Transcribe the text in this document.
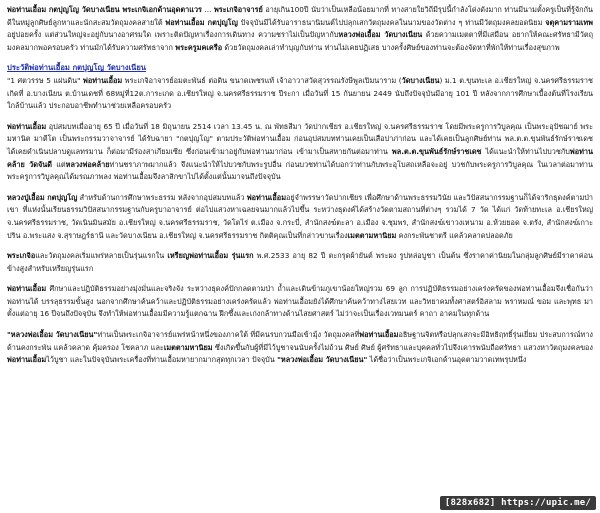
พ่อท่านเอื้อม กตปุญโญ วัดบางเนียน พระเกจิเอกด้านอุดตาแวร ... พระเกจิอาจารย์ อายุเกิน100ปี นับว่าเป็นเหลือน้อยมากที่ ทางสายใยวิถีมีรุปนี้กำลังโด่งดังมาก ท่านมีนามตั้งครูเป็นที่รู้จักกันดีในหมู่ลูกศิษย์ลูกหาและนักสะสมวัตถุมงคลสายใต้ พ่อท่านเอื้อม กตปุญโญ ปัจจุบันมีได้รับอาราธนานิมนต์ไปปลุกเสกวัตถุมงคลในนามของวัดต่าง ๆ ท่านมีวัตถุมงคลยอดนิยม จตุคามรามเทพ อยู่บ่อยครั้ง แต่ส่วนใหญ่จะอยู่กับนางอาศรมใด เพราะติดปัญหาเรื่องการเดินทาง ความชราไม่เป็นปัญหากับหลวงพ่อเอื้อม วัดบางเนียน ด้วยความเมตตาที่มีเสมือน อยากให้คณะศรัทธามีวัตถุมงคลมากพอครอบครัว ท่านมักได้รับความศรัทธาจาก พระครูมคเครือ ด้วยวัตถุมงคลเล่าทำบุญกับท่าน ท่านไม่เคยปฏิเสธ บางครั้งศิษย์ของท่านจะต้องจัดหาที่พักให้ท่านเรื่องสุขภาพ

ประวัติพ่อท่านเอื้อม กตปุญโญ วัดบางเนียน

"1 ศตวรรษ 5 แผ่นดิน" พ่อท่านเอื้อม พระเกจิอาจารย์อมตะพันธ์ ต่อดิน ขนาดเพชรแท้ เจ้าอาวาสวัดสุวรรณรังษีพูลเปิมนาราม (วัดบางเนียน) ม.1 ต.ขุนทะเล อ.เชียรใหญ่ จ.นครศรีธรรมราช เกิดที่ อ.บางเนียน ต.บ้านเดชที่ 68หมู่ที่12ต.การะเกด อ.เชียรใหญ่ จ.นครศรีธรรมราช ปีระกา เมื่อวันที่ 15 กันยายน 2449 นับถึงปัจจุบันมีอายุ 101 ปี หลังจากการศึกษาเบื้องต้นที่โรงเรียนใกล้บ้านแล้ว ประกอบอาชีพทำนาช่วยเหลือครอบครัว

พ่อท่านเอื้อม อุปสมบทเมื่ออายุ 65 ปี เมื่อวันที่ 18 มิถุนายน 2514 เวลา 13.45 น. ณ พัทธสีมา วัดปากเชียร อ.เชียรใหญ่ จ.นครศรีธรรมราช โดยมีพระครูการวิบูลคุณ เป็นพระอุปัชฌาย์ พระมหานิต มาตีโต เป็นพระกรรมวาจาจารย์ ได้รับฉายา "กตปุญโญ" ตามประวัติพ่อท่านเอื้อม ก่อนอุปสมบทท่านเคยเป็นเสือปาภ่าก่อน และได้เคยเป็นลูกศิษย์ท่าน พล.ต.ต.ขุนพันธ์รักษ์ราชเดช ได้เคยดำเนินปลาบดูแลทรมาน ก็ต่อมามีร่องสาเกียมเซีย ซึ่งก่อนเข้ามาอยู่กับพ่อท่านมาก่อน เข้ามาเป็นสหายกันต่อมาท่าน พล.ต.ต.ขุนพันธ์รักษ์ราชเดช ได้แนะนำให้ท่านไปบวชกับพ่อท่านคล้าย วัดจันดี แต่หลวงพ่อคล้ายท่านชราภาพมากแล้ว จึงแนะนำให้ไปบวชกับพระรูปอื่น ก่อนบวชท่านได้บอกว่าท่านกับพระอุโบสถเหลือจะอยู่ บวชกับพระครูการวิบูลคุณ ในเวลาต่อมาท่านพระครูการวิบูลคุณได้มรณภาพลง พ่อท่านเอื้อมจึงลาสิกขาไปได้ตั้งแต่นั้นมาจนถึงปัจจุบัน

หลวงปู่เอื้อม กตปุญโญ สำหรับด้านการศึกษาพระธรรม หลังจากอุปสมบทแล้ว พ่อท่านเอื้อมอยู่จำพรรษาวัดปากเชียร เพื่อศึกษาด้านพระธรรมวินัย และวิปัสสนากรรมฐานก็ได้จาริกธุดงค์ตามป่าเขา ที่แห่งนั้นเรียนธรรมวิปัสสนากรรมฐานกับครูบาอาจารย์ ต่อไปแสวงหาเฉลยจนมากแล้วไปขึ้น ระหว่างธุดงค์ได้สร้างวัดตามสถานที่ต่างๆ รวมได้ 7 วัด ได้แก่ วัดท้ายทะเล อ.เชียรใหญ่ จ.นครศรีธรรมราช, วัดเนินมินสมัย อ.เชียรใหญ่ จ.นครศรีธรรมราช, วัดโตไร่ ต.เมือง จ.กระบี่, สำนักสงฆ์ตะลา อ.เมือง จ.ชุมพร, สำนักสงฆ์เขาวงเหนาม อ.ห้วยยอด จ.ตรัง, สำนักสงฆ์เกาะปริน อ.พระแสง จ.สุราษฎร์ธานี และวัดบางเนียน อ.เชียรใหญ่ จ.นครศรีธรรมราช กิตติคุณเป็นที่กล่าวขานเรื่องเมตตามหานิยม คงกระพันชาตรี แคล้วคลาดปลอดภัย

พระเกจิอและวัตถุมงคลเริ่มแพร่หลายเป็นรุ่นแรกใน เหรียญพ่อท่านเอื้อม รุ่นแรก พ.ศ.2533 อายุ 82 ปี ตะกรุดผ้ายันต์ พระผง รูปหล่อบูชา เป็นต้น ซึ่งราคาค่านิยมในกลุ่มลูกศิษย์มีราคาค่อนข้างสูงสำหรับเหรียญรุ่นแรก

พ่อท่านเอื้อม ศึกษาและปฏิบัติธรรมอย่างมุ่งมั่นและจริงจัง ระหว่างธุดงค์ปักกลดตามป่า ถ้ำและเดินข้ามภูเขาน้อยใหญ่รวม 69 ลูก การปฏิบัติธรรมอย่างเคร่งครัดของพ่อท่านเอื้อมจึงเชื่อกันว่าพ่อท่านได้ บรรลุธรรมขั้นสูง นอกจากศึกษาค้นคว้าและปฏิบัติธรรมอย่างเคร่งครัดแล้ว พ่อท่านเอื้อมยังได้ศึกษาค้นคว้าทางไสยเวท และวิทยาคมทั้งศาสตร์อิสลาม พราหมณ์ ขอม และพุทธ มาตั้งแต่อายุ 16 ปีจนถึงปัจจุบัน จึงทำให้พ่อท่านเอื้อมมีความรู้แตกฉาน ฝึกซึ้งและเก่งกล้าทางด้านไสยศาสตร์ ไม่ว่าจะเป็นเรื่องเวทมนตร์ คาถา อาคมในทุกด้าน

"หลวงพ่อเอื้อม วัดบางเนียน"ท่านเป็นพระเกจิอาจารย์แพร่หน้าหนึ่งของภาคใต้ ที่มีคนรบกวนมือเข้ามุ้ง วัตถุมงคลที่พ่อท่านเอื้อมอธิษฐานจิตหรือปลุกเสกจะมีอิทธิฤทธิ์รุ่นเยี่ยม ประสบการณ์ทางด้านคงกระพัน แคล้วคลาด คุ้มครอง โชคลาภ และเมตตามหานิยม ซึ่งเกิดขึ้นกับผู้ที่มีไว้บูชาจนนับครั้งไม่ถ้วน ศิษย์ ศิษย์ ผู้ศรัทธาและบุคคลทั่วไปจึงเคารพนับถือศรัทธา แสวงหาวัตถุมงคลของพ่อท่านเอื้อมไว้บูชา และในปัจจุบันพระเครื่องที่ท่านเอื้อมหายากมากสุดทุกเวลา ปัจจุบัน "หลวงพ่อเอื้อม วัดบางเนียน" ได้ชื่อว่าเป็นพระเกจิเอกด้านอุดตามวาดเทพรุปหนึ่ง

[828x682] https://upic.me/
